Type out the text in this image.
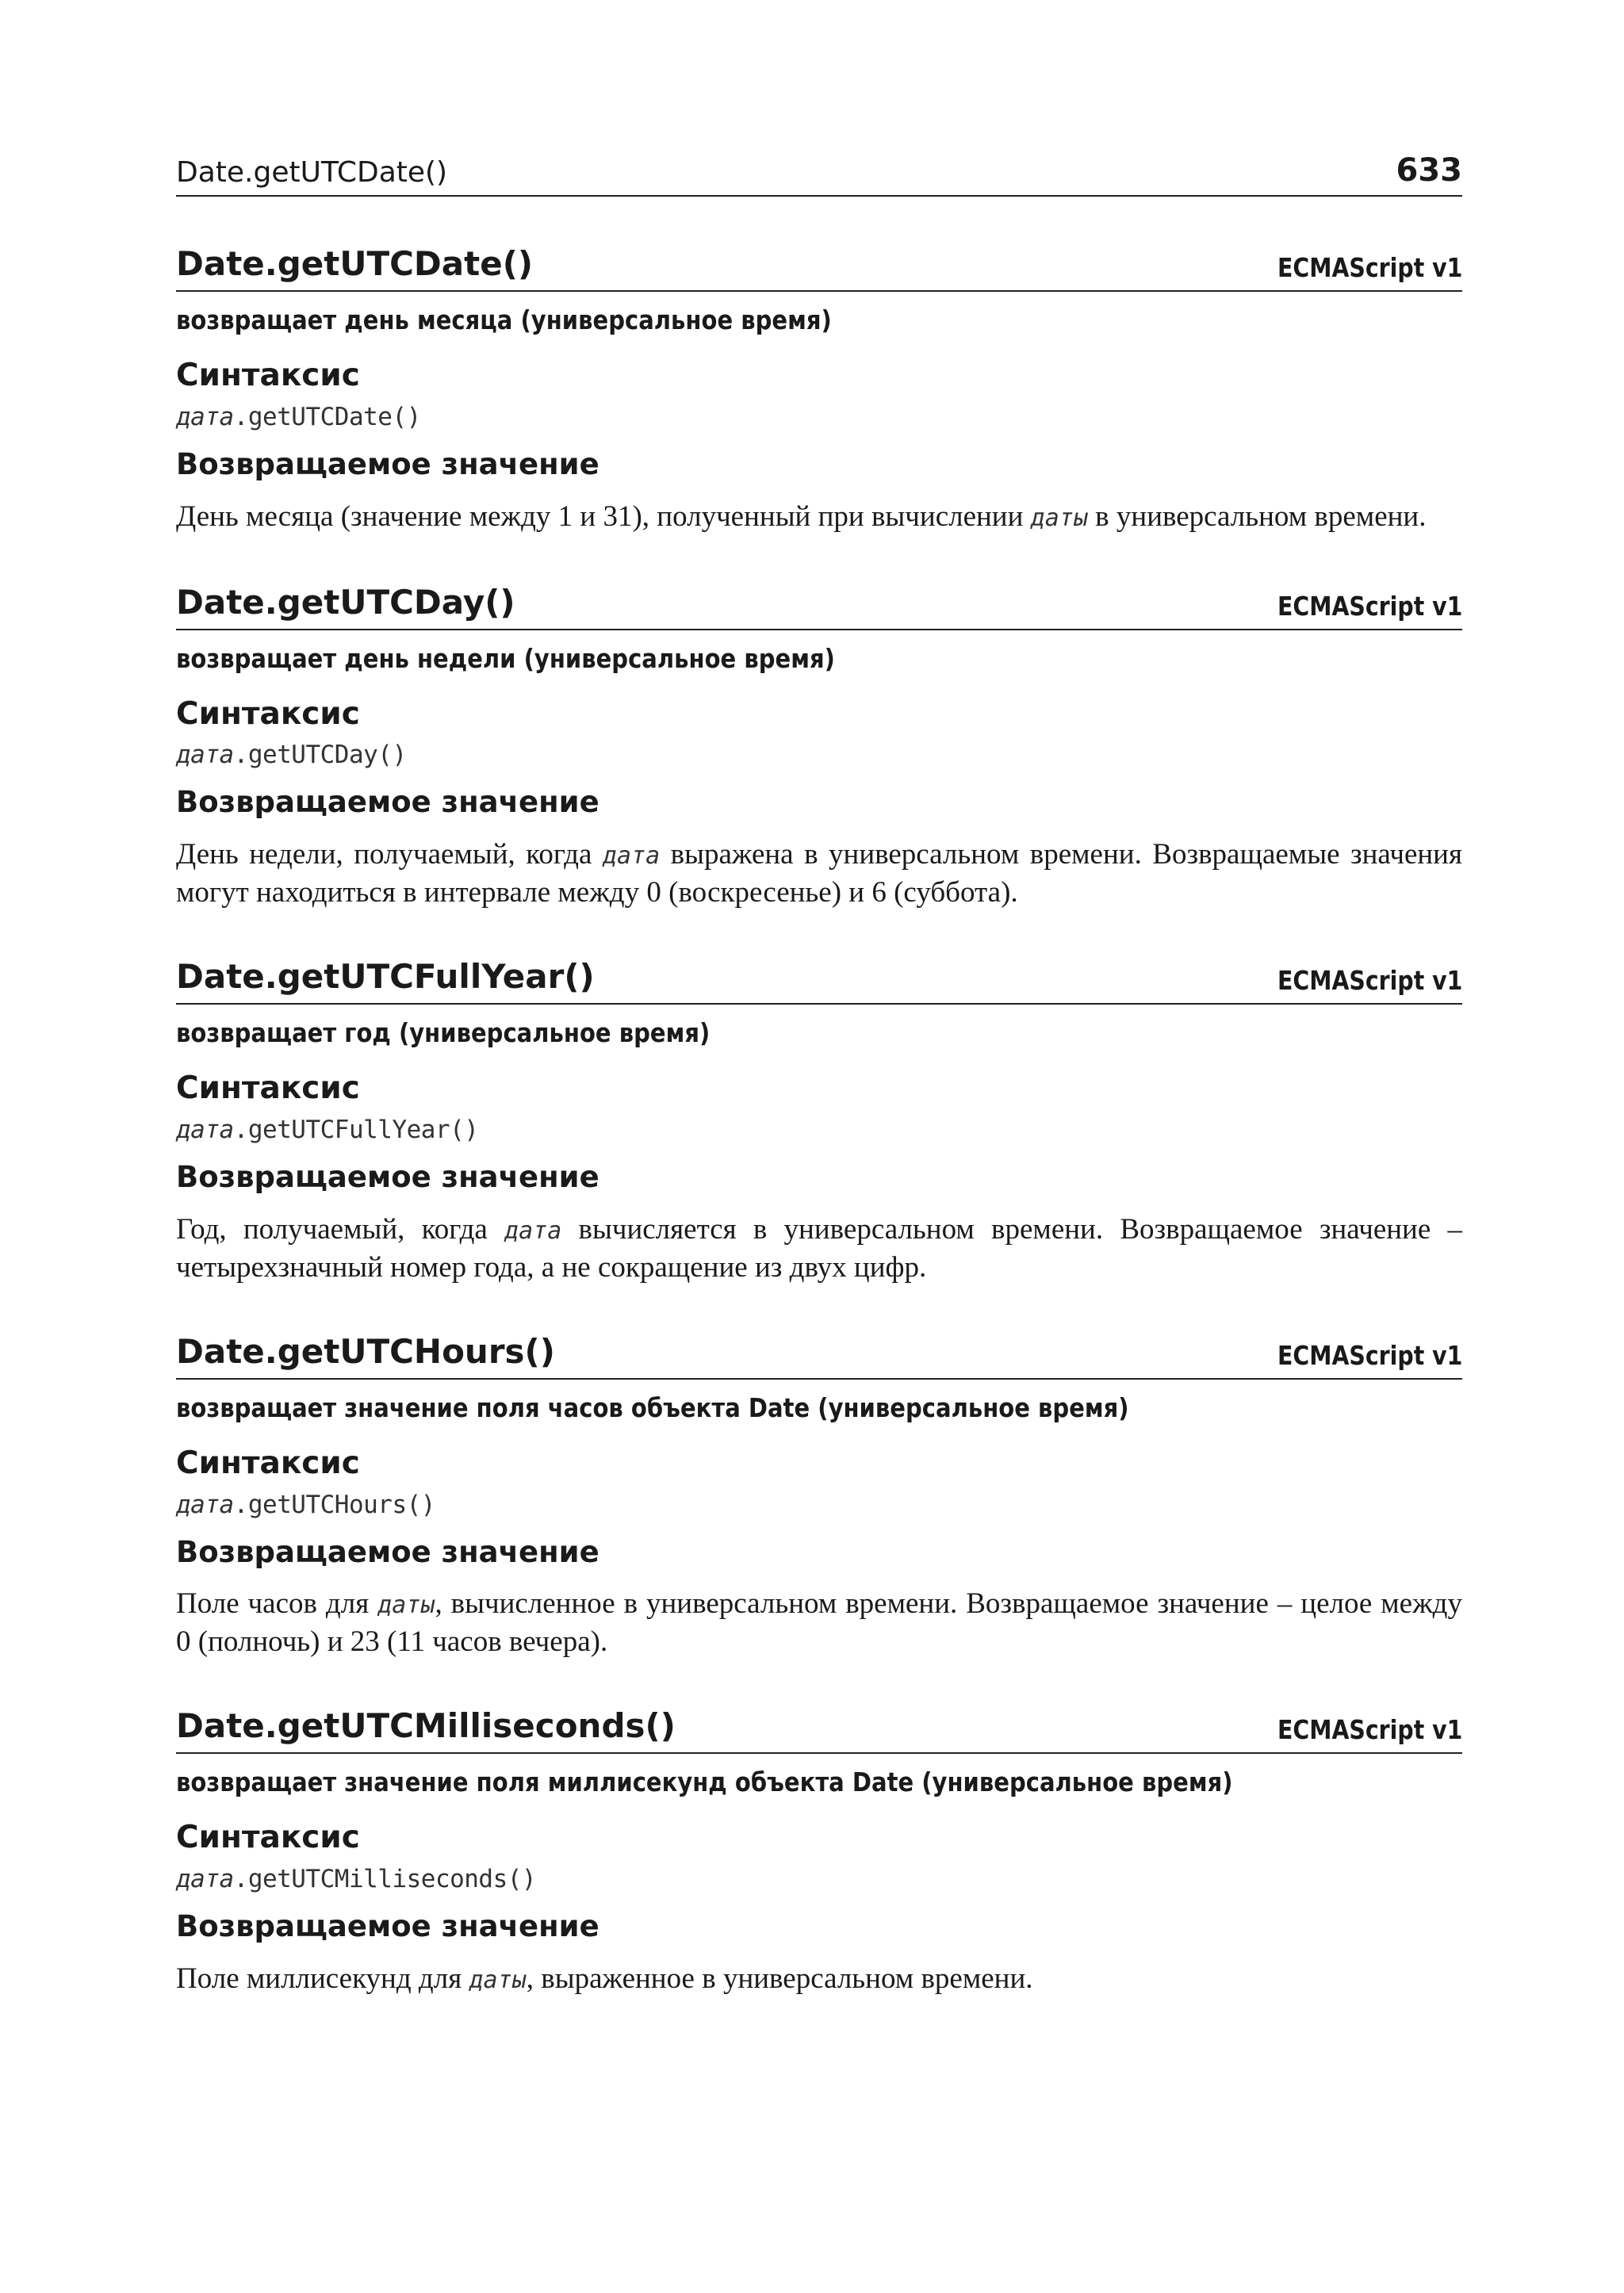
Date.getUTCDate()	633
Date.getUTCDate()	ECMAScript v1
возвращает день месяца (универсальное время)
Синтаксис
дата.getUTCDate()
Возвращаемое значение
День месяца (значение между 1 и 31), полученный при вычислении даты в универсальном времени.
Date.getUTCDay()	ECMAScript v1
возвращает день недели (универсальное время)
Синтаксис
дата.getUTCDay()
Возвращаемое значение
День недели, получаемый, когда дата выражена в универсальном времени. Возвращаемые значения могут находиться в интервале между 0 (воскресенье) и 6 (суббота).
Date.getUTCFullYear()	ECMAScript v1
возвращает год (универсальное время)
Синтаксис
дата.getUTCFullYear()
Возвращаемое значение
Год, получаемый, когда дата вычисляется в универсальном времени. Возвращаемое значение – четырехзначный номер года, а не сокращение из двух цифр.
Date.getUTCHours()	ECMAScript v1
возвращает значение поля часов объекта Date (универсальное время)
Синтаксис
дата.getUTCHours()
Возвращаемое значение
Поле часов для даты, вычисленное в универсальном времени. Возвращаемое значение – целое между 0 (полночь) и 23 (11 часов вечера).
Date.getUTCMilliseconds()	ECMAScript v1
возвращает значение поля миллисекунд объекта Date (универсальное время)
Синтаксис
дата.getUTCMilliseconds()
Возвращаемое значение
Поле миллисекунд для даты, выраженное в универсальном времени.
